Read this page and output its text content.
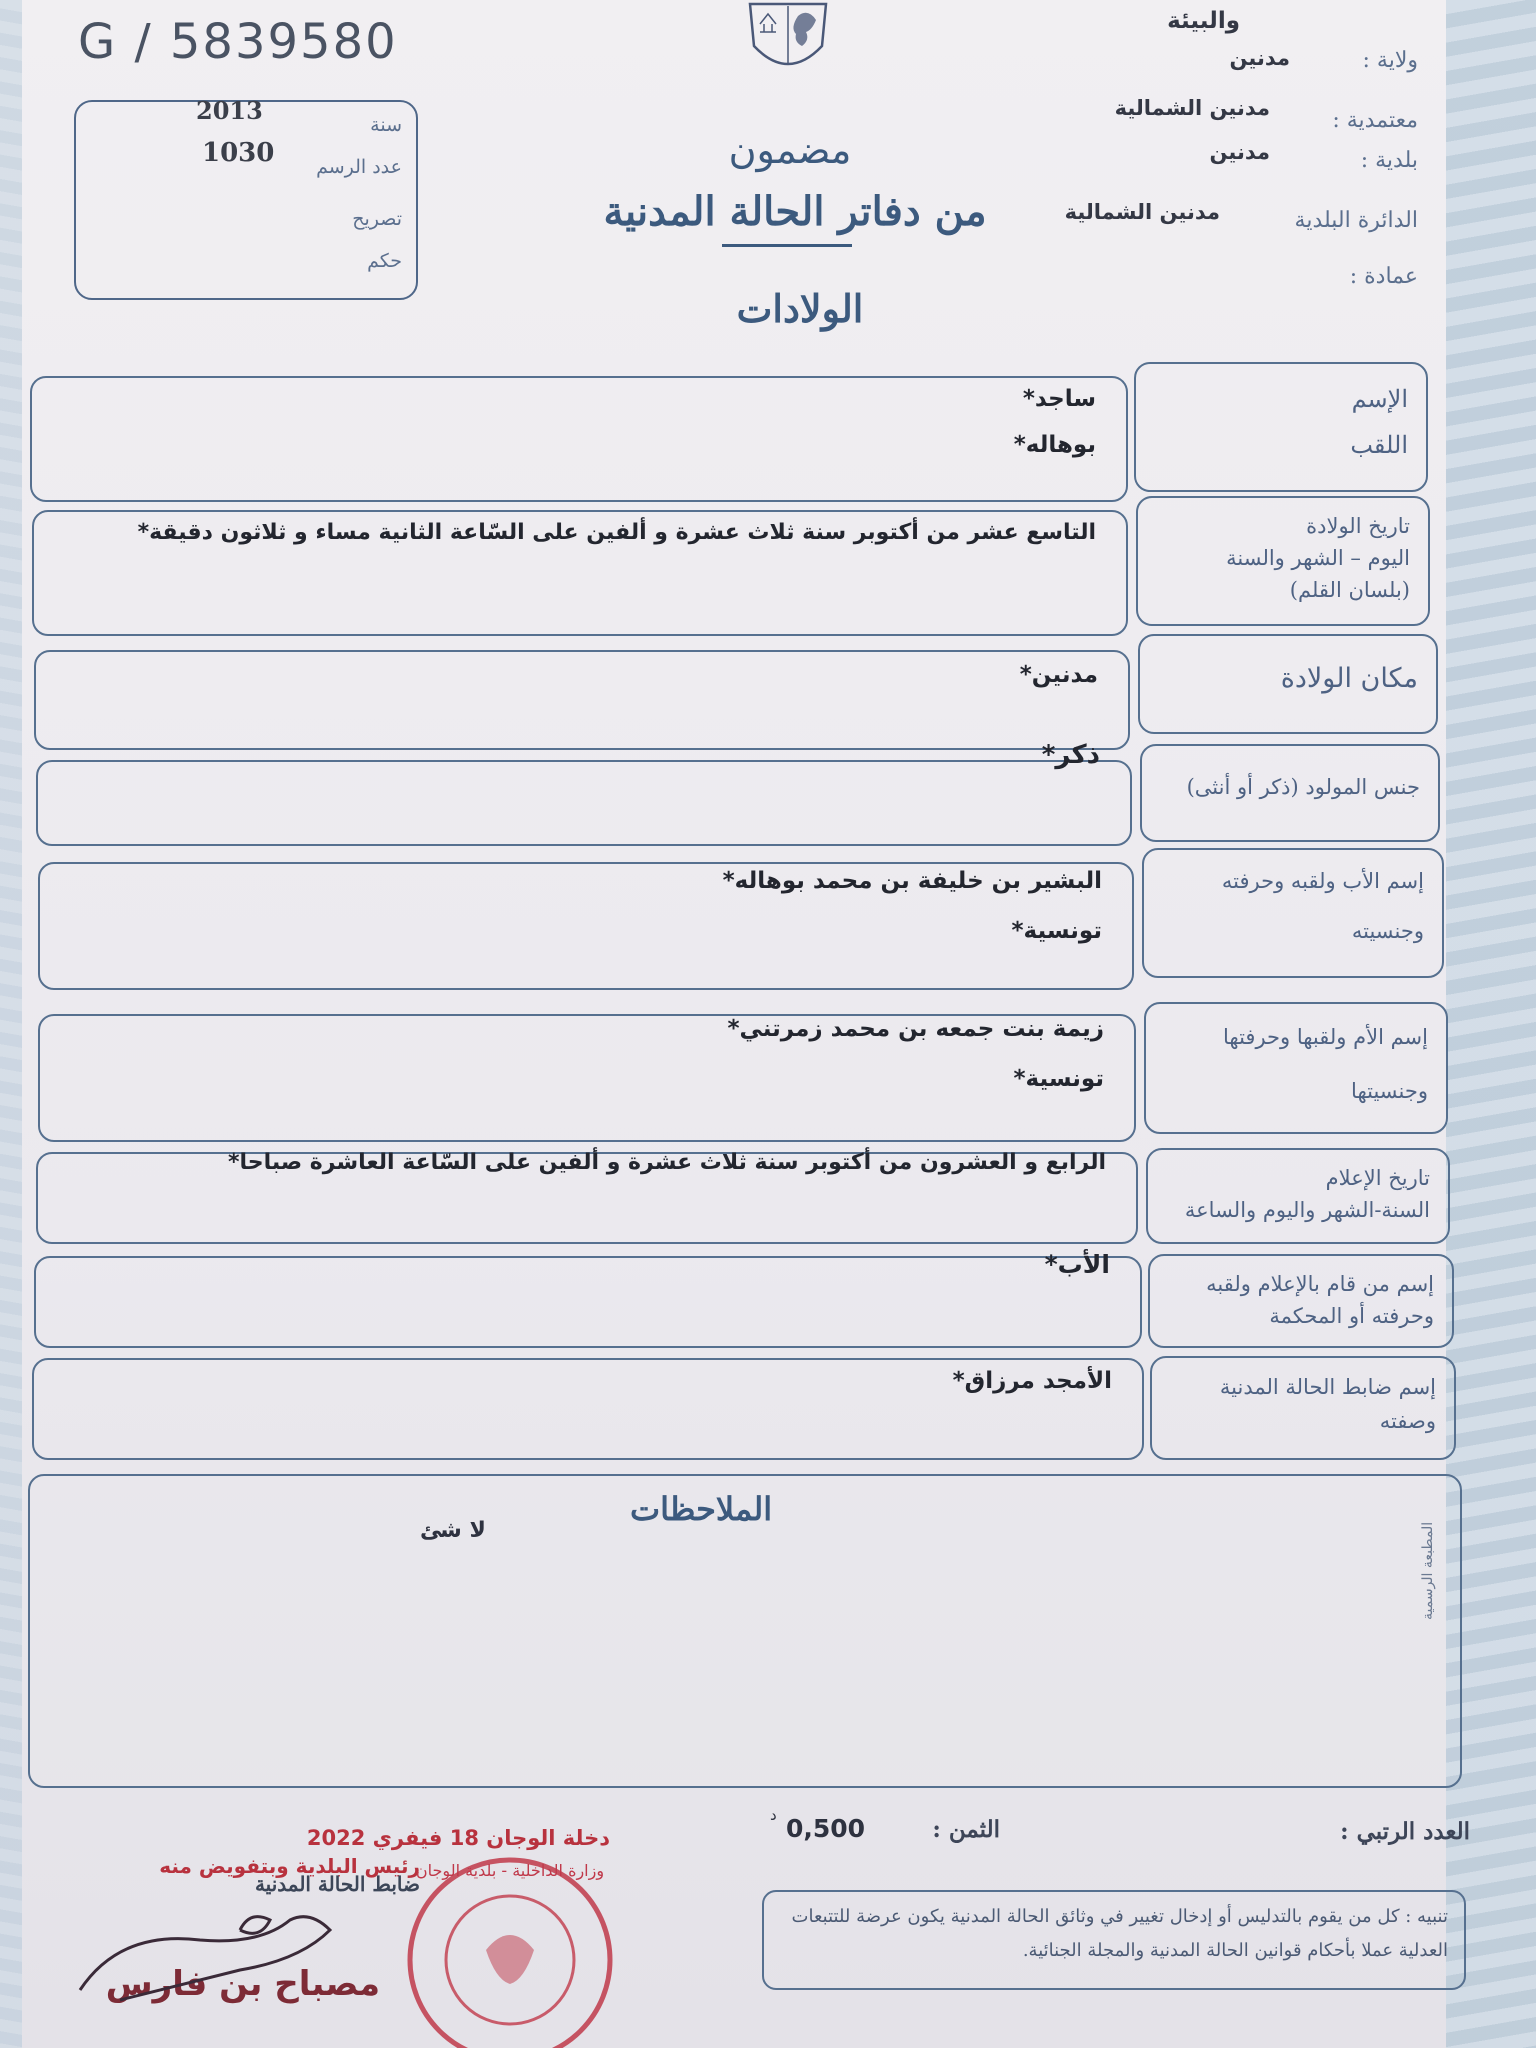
G / 5839580
2013	سنة
1030 عدد الرسم
تصريح
حكم
والبيئة
ولاية :
مدنين
معتمدية :
مدنين الشمالية
بلدية :
مدنين
الدائرة البلدية
مدنين الشمالية
عمادة :
مضمون
من دفاتر الحالة المدنية
الولادات
الإسم
اللقب
ساجد*
بوهاله*
تاريخ الولادة
اليوم – الشهر والسنة
(بلسان القلم)
التاسع عشر من أكتوبر سنة ثلاث عشرة و ألفين على السّاعة الثانية مساء و ثلاثون دقيقة*
مكان الولادة
مدنين*
جنس المولود (ذكر أو أنثى)
ذكر*
إسم الأب ولقبه وحرفته
وجنسيته
البشير بن خليفة بن محمد بوهاله*
تونسية*
إسم الأم ولقبها وحرفتها
وجنسيتها
زيمة بنت جمعه بن محمد زمرتني*
تونسية*
تاريخ الإعلام
السنة-الشهر واليوم والساعة
الرابع و العشرون من أكتوبر سنة ثلاث عشرة و ألفين على السّاعة العاشرة صباحا*
إسم من قام بالإعلام ولقبه
وحرفته أو المحكمة
الأب*
إسم ضابط الحالة المدنية
وصفته
الأمجد مرزاق*
الملاحظات
لا شئ	المطبعة الرسمية
العدد الرتبي :
الثمن :
0,500
د
دخلة الوجان 18 فيفري 2022
رئيس البلدية وبتفويض منه
ضابط الحالة المدنية
مصباح بن فارس
وزارة الداخلية - بلدية الوجان
تنبيه : كل من يقوم بالتدليس أو إدخال تغيير في وثائق الحالة المدنية يكون عرضة للتتبعات العدلية عملا بأحكام قوانين الحالة المدنية والمجلة الجنائية.
